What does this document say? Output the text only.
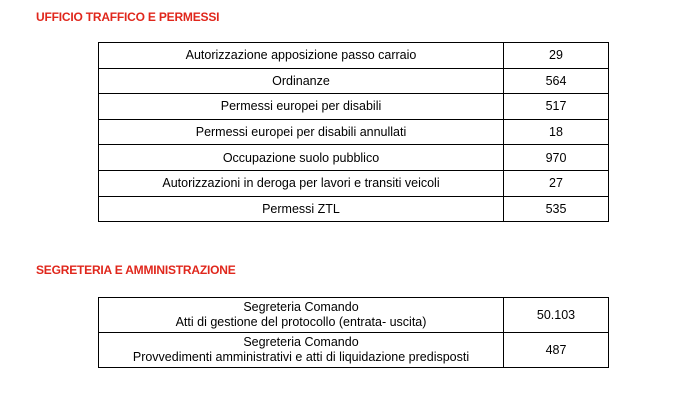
UFFICIO TRAFFICO E PERMESSI
Autorizzazione apposizione passo carraio	29
Ordinanze	564
Permessi europei per disabili	517
Permessi europei per disabili annullati	18
Occupazione suolo pubblico	970
Autorizzazioni in deroga per lavori e transiti veicoli	27
Permessi ZTL	535
SEGRETERIA E AMMINISTRAZIONE
Segreteria Comando
Atti di gestione del protocollo (entrata- uscita)	50.103

Segreteria Comando
Provvedimenti amministrativi e atti di liquidazione predisposti	487
